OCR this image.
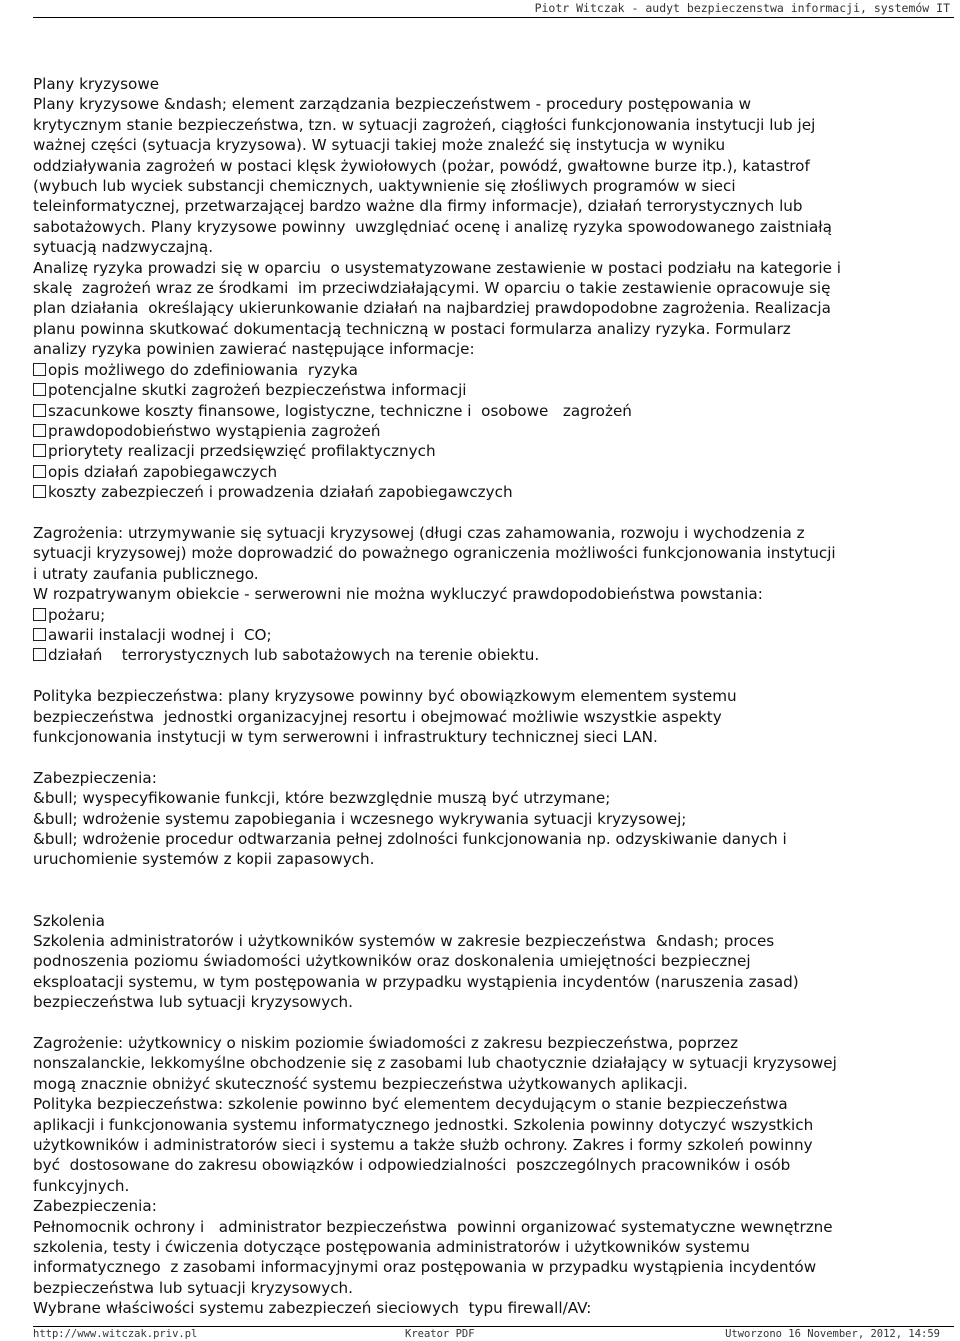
Piotr Witczak - audyt bezpieczenstwa informacji, systemów IT

Plany kryzysowe

Plany kryzysowe &ndash; element zarządzania bezpieczeństwem - procedury postępowania w

krytycznym stanie bezpieczeństwa, tzn. w sytuacji zagrożeń, ciągłości funkcjonowania instytucji lub jej

ważnej części (sytuacja kryzysowa). W sytuacji takiej może znaleźć się instytucja w wyniku

oddziaływania zagrożeń w postaci klęsk żywiołowych (pożar, powódź, gwałtowne burze itp.), katastrof

(wybuch lub wyciek substancji chemicznych, uaktywnienie się złośliwych programów w sieci

teleinformatycznej, przetwarzającej bardzo ważne dla firmy informacje), działań terrorystycznych lub

sabotażowych. Plany kryzysowe powinny  uwzględniać ocenę i analizę ryzyka spowodowanego zaistniałą

sytuacją nadzwyczajną.

Analizę ryzyka prowadzi się w oparciu  o usystematyzowane zestawienie w postaci podziału na kategorie i

skalę  zagrożeń wraz ze środkami  im przeciwdziałającymi. W oparciu o takie zestawienie opracowuje się

plan działania  określający ukierunkowanie działań na najbardziej prawdopodobne zagrożenia. Realizacja

planu powinna skutkować dokumentacją techniczną w postaci formularza analizy ryzyka. Formularz

analizy ryzyka powinien zawierać następujące informacje:

opis możliwego do zdefiniowania  ryzyka

potencjalne skutki zagrożeń bezpieczeństwa informacji

szacunkowe koszty finansowe, logistyczne, techniczne i  osobowe   zagrożeń

prawdopodobieństwo wystąpienia zagrożeń

priorytety realizacji przedsięwzięć profilaktycznych

opis działań zapobiegawczych

koszty zabezpieczeń i prowadzenia działań zapobiegawczych

Zagrożenia: utrzymywanie się sytuacji kryzysowej (długi czas zahamowania, rozwoju i wychodzenia z

sytuacji kryzysowej) może doprowadzić do poważnego ograniczenia możliwości funkcjonowania instytucji

i utraty zaufania publicznego.

W rozpatrywanym obiekcie - serwerowni nie można wykluczyć prawdopodobieństwa powstania:

pożaru;

awarii instalacji wodnej i  CO;

działań    terrorystycznych lub sabotażowych na terenie obiektu.

Polityka bezpieczeństwa: plany kryzysowe powinny być obowiązkowym elementem systemu

bezpieczeństwa  jednostki organizacyjnej resortu i obejmować możliwie wszystkie aspekty

funkcjonowania instytucji w tym serwerowni i infrastruktury technicznej sieci LAN.

Zabezpieczenia:

&bull; wyspecyfikowanie funkcji, które bezwzględnie muszą być utrzymane;

&bull; wdrożenie systemu zapobiegania i wczesnego wykrywania sytuacji kryzysowej;

&bull; wdrożenie procedur odtwarzania pełnej zdolności funkcjonowania np. odzyskiwanie danych i

uruchomienie systemów z kopii zapasowych.

Szkolenia

Szkolenia administratorów i użytkowników systemów w zakresie bezpieczeństwa  &ndash; proces

podnoszenia poziomu świadomości użytkowników oraz doskonalenia umiejętności bezpiecznej

eksploatacji systemu, w tym postępowania w przypadku wystąpienia incydentów (naruszenia zasad)

bezpieczeństwa lub sytuacji kryzysowych.

Zagrożenie: użytkownicy o niskim poziomie świadomości z zakresu bezpieczeństwa, poprzez

nonszalanckie, lekkomyślne obchodzenie się z zasobami lub chaotycznie działający w sytuacji kryzysowej

mogą znacznie obniżyć skuteczność systemu bezpieczeństwa użytkowanych aplikacji.

Polityka bezpieczeństwa: szkolenie powinno być elementem decydującym o stanie bezpieczeństwa

aplikacji i funkcjonowania systemu informatycznego jednostki. Szkolenia powinny dotyczyć wszystkich

użytkowników i administratorów sieci i systemu a także służb ochrony. Zakres i formy szkoleń powinny

być  dostosowane do zakresu obowiązków i odpowiedzialności  poszczególnych pracowników i osób

funkcyjnych.

Zabezpieczenia:

Pełnomocnik ochrony i   administrator bezpieczeństwa  powinni organizować systematyczne wewnętrzne

szkolenia, testy i ćwiczenia dotyczące postępowania administratorów i użytkowników systemu

informatycznego  z zasobami informacyjnymi oraz postępowania w przypadku wystąpienia incydentów

bezpieczeństwa lub sytuacji kryzysowych.

Wybrane właściwości systemu zabezpieczeń sieciowych  typu firewall/AV:

http://www.witczak.priv.pl	Kreator PDF	Utworzono 16 November, 2012, 14:59
